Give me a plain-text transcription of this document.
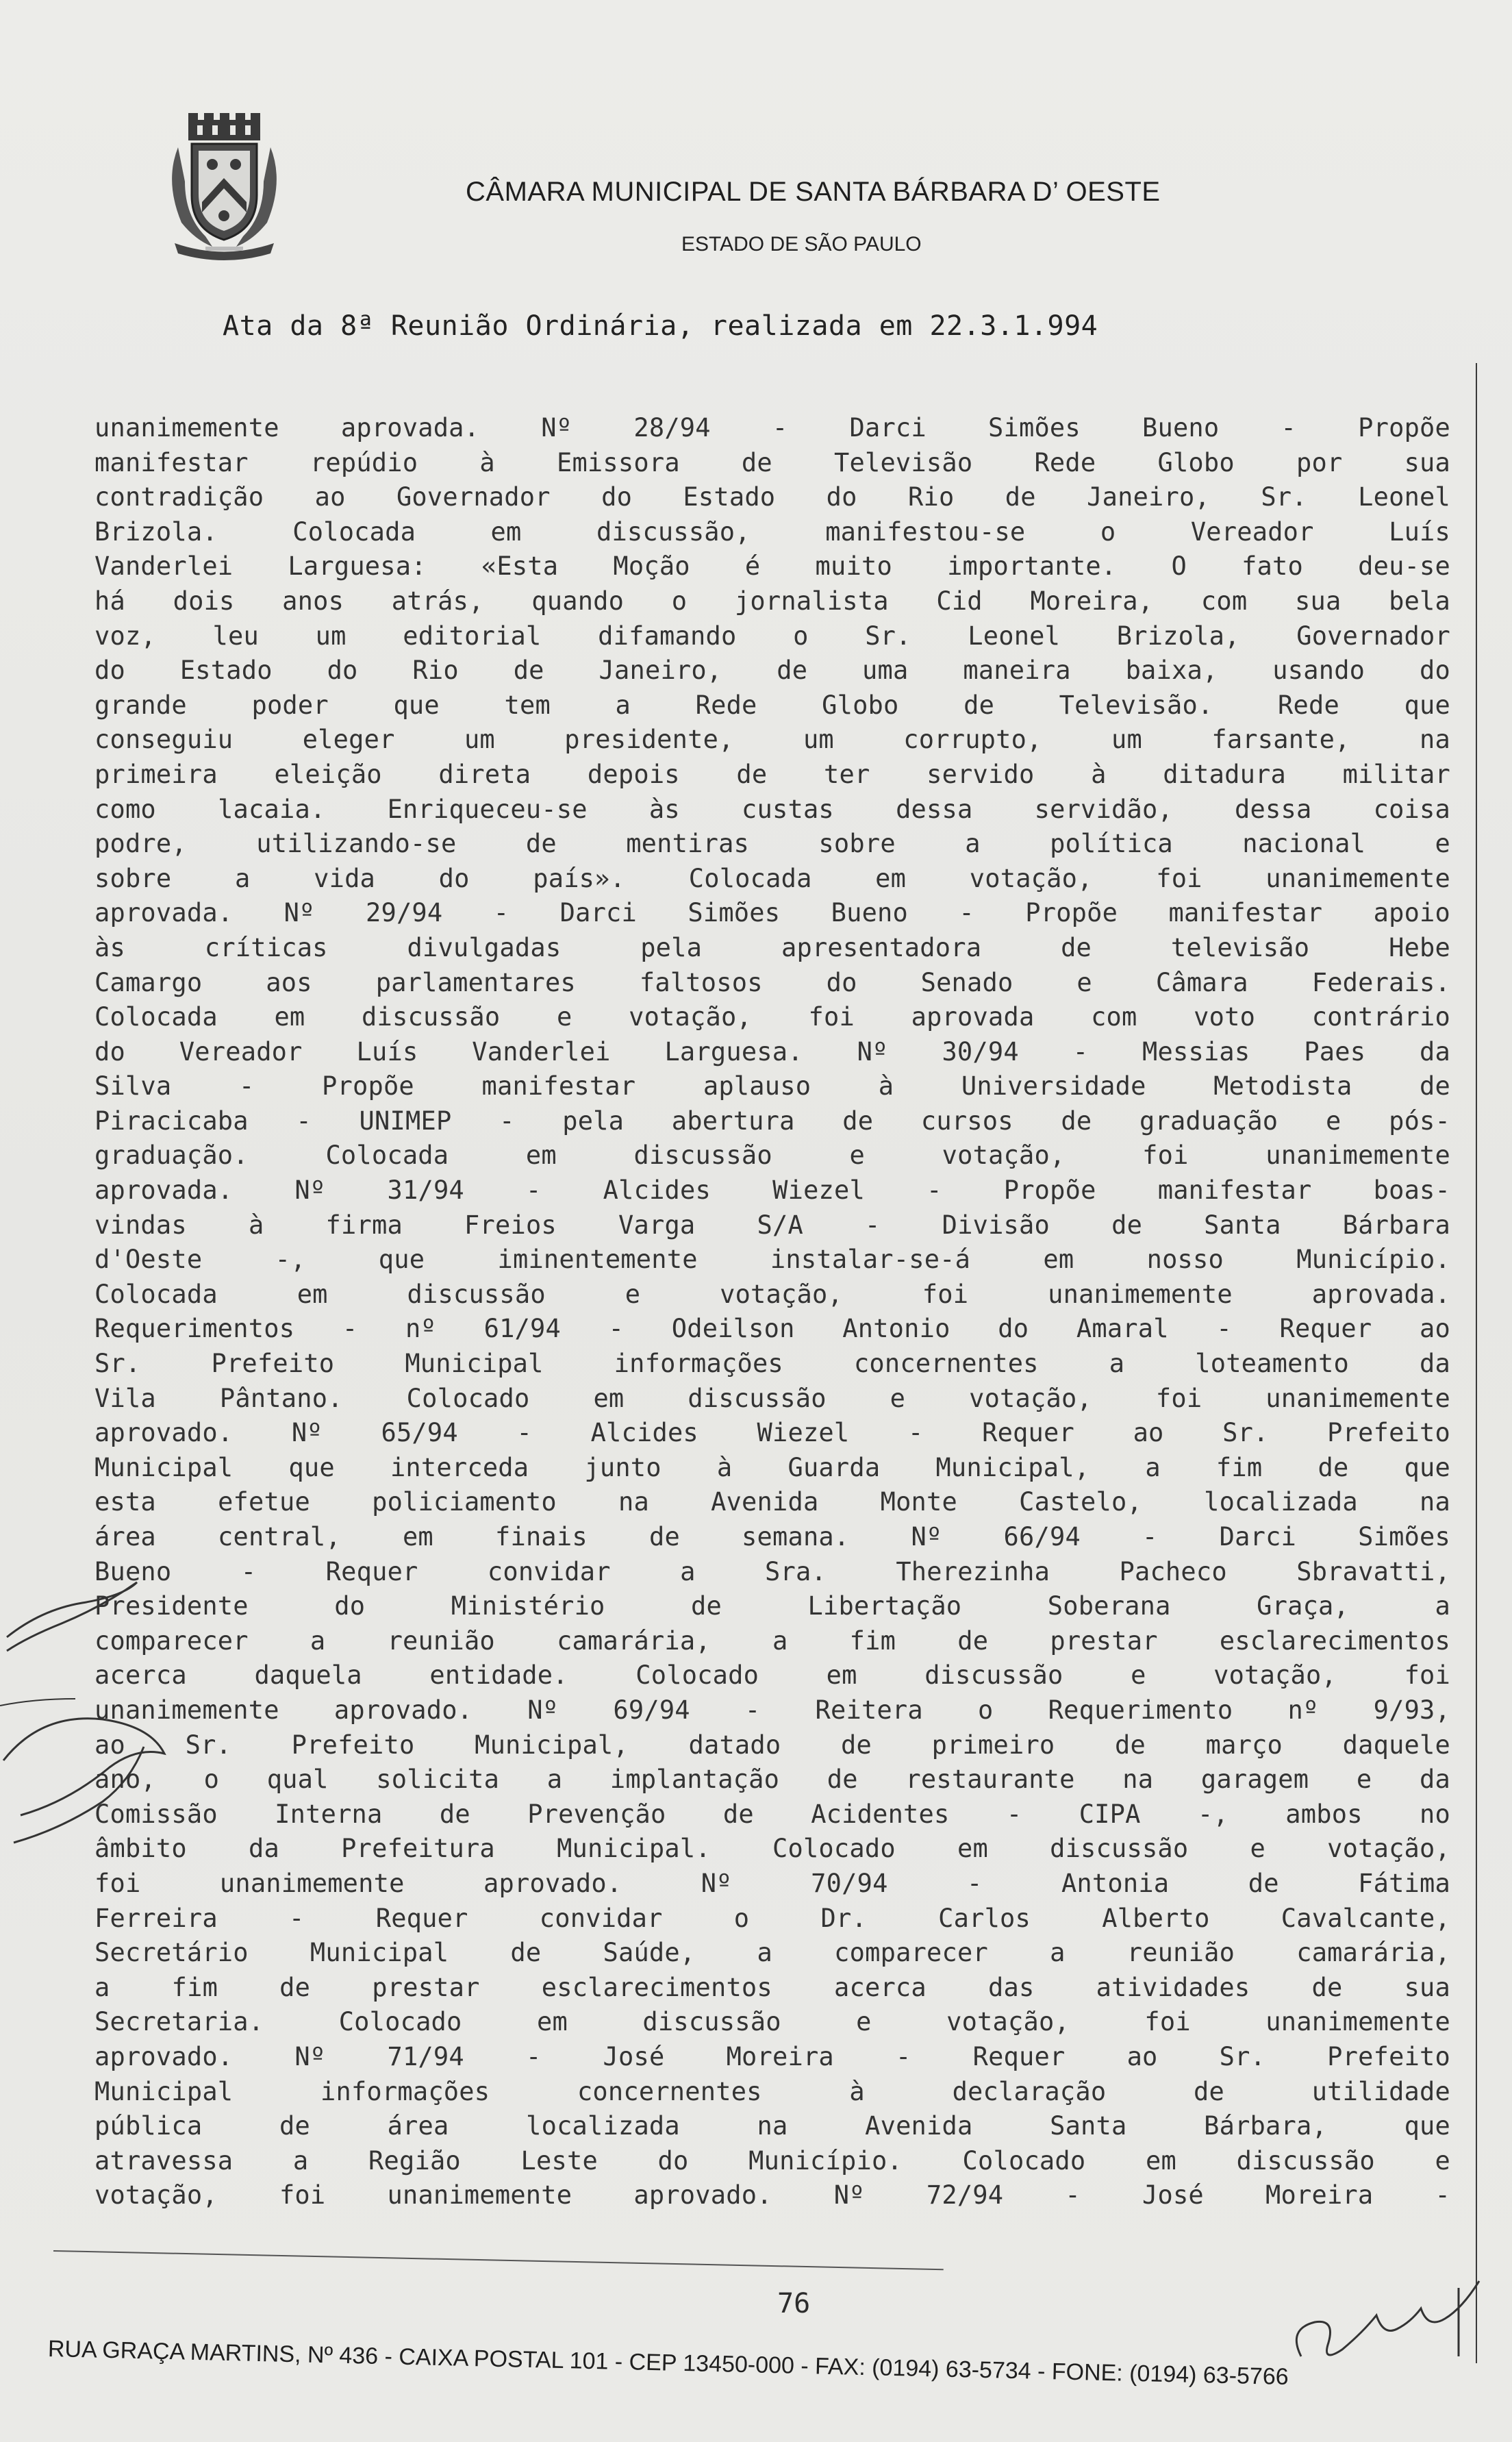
CÂMARA MUNICIPAL DE SANTA BÁRBARA D’ OESTE
ESTADO DE SÃO PAULO
Ata da 8ª Reunião Ordinária, realizada em 22.3.1.994
unanimemente aprovada. Nº 28/94 - Darci Simões Bueno - Propõe
manifestar repúdio à Emissora de Televisão Rede Globo por sua
contradição ao Governador do Estado do Rio de Janeiro, Sr. Leonel
Brizola. Colocada em discussão, manifestou-se o Vereador Luís
Vanderlei Larguesa: «Esta Moção é muito importante. O fato deu-se
há dois anos atrás, quando o jornalista Cid Moreira, com sua bela
voz, leu um editorial difamando o Sr. Leonel Brizola, Governador
do Estado do Rio de Janeiro, de uma maneira baixa, usando do
grande poder que tem a Rede Globo de Televisão. Rede que
conseguiu eleger um presidente, um corrupto, um farsante, na
primeira eleição direta depois de ter servido à ditadura militar
como lacaia. Enriqueceu-se às custas dessa servidão, dessa coisa
podre, utilizando-se de mentiras sobre a política nacional e
sobre a vida do país». Colocada em votação, foi unanimemente
aprovada. Nº 29/94 - Darci Simões Bueno - Propõe manifestar apoio
às críticas divulgadas pela apresentadora de televisão Hebe
Camargo aos parlamentares faltosos do Senado e Câmara Federais.
Colocada em discussão e votação, foi aprovada com voto contrário
do Vereador Luís Vanderlei Larguesa. Nº 30/94 - Messias Paes da
Silva - Propõe manifestar aplauso à Universidade Metodista de
Piracicaba - UNIMEP - pela abertura de cursos de graduação e pós-
graduação. Colocada em discussão e votação, foi unanimemente
aprovada. Nº 31/94 - Alcides Wiezel - Propõe manifestar boas-
vindas à firma Freios Varga S/A - Divisão de Santa Bárbara
d'Oeste -, que iminentemente instalar-se-á em nosso Município.
Colocada em discussão e votação, foi unanimemente aprovada.
Requerimentos - nº 61/94 - Odeilson Antonio do Amaral - Requer ao
Sr. Prefeito Municipal informações concernentes a loteamento da
Vila Pântano. Colocado em discussão e votação, foi unanimemente
aprovado. Nº 65/94 - Alcides Wiezel - Requer ao Sr. Prefeito
Municipal que interceda junto à Guarda Municipal, a fim de que
esta efetue policiamento na Avenida Monte Castelo, localizada na
área central, em finais de semana. Nº 66/94 - Darci Simões
Bueno - Requer convidar a Sra. Therezinha Pacheco Sbravatti,
Presidente do Ministério de Libertação Soberana Graça, a
comparecer a reunião camarária, a fim de prestar esclarecimentos
acerca daquela entidade. Colocado em discussão e votação, foi
unanimemente aprovado. Nº 69/94 - Reitera o Requerimento nº 9/93,
ao Sr. Prefeito Municipal, datado de primeiro de março daquele
ano, o qual solicita a implantação de restaurante na garagem e da
Comissão Interna de Prevenção de Acidentes - CIPA -, ambos no
âmbito da Prefeitura Municipal. Colocado em discussão e votação,
foi unanimemente aprovado. Nº 70/94 - Antonia de Fátima
Ferreira - Requer convidar o Dr. Carlos Alberto Cavalcante,
Secretário Municipal de Saúde, a comparecer a reunião camarária,
a fim de prestar esclarecimentos acerca das atividades de sua
Secretaria. Colocado em discussão e votação, foi unanimemente
aprovado. Nº 71/94 - José Moreira - Requer ao Sr. Prefeito
Municipal informações concernentes à declaração de utilidade
pública de área localizada na Avenida Santa Bárbara, que
atravessa a Região Leste do Município. Colocado em discussão e
votação, foi unanimemente aprovado. Nº 72/94 - José Moreira -
76
RUA GRAÇA MARTINS, Nº 436 - CAIXA POSTAL 101 - CEP 13450-000 - FAX: (0194) 63-5734 - FONE: (0194) 63-5766
